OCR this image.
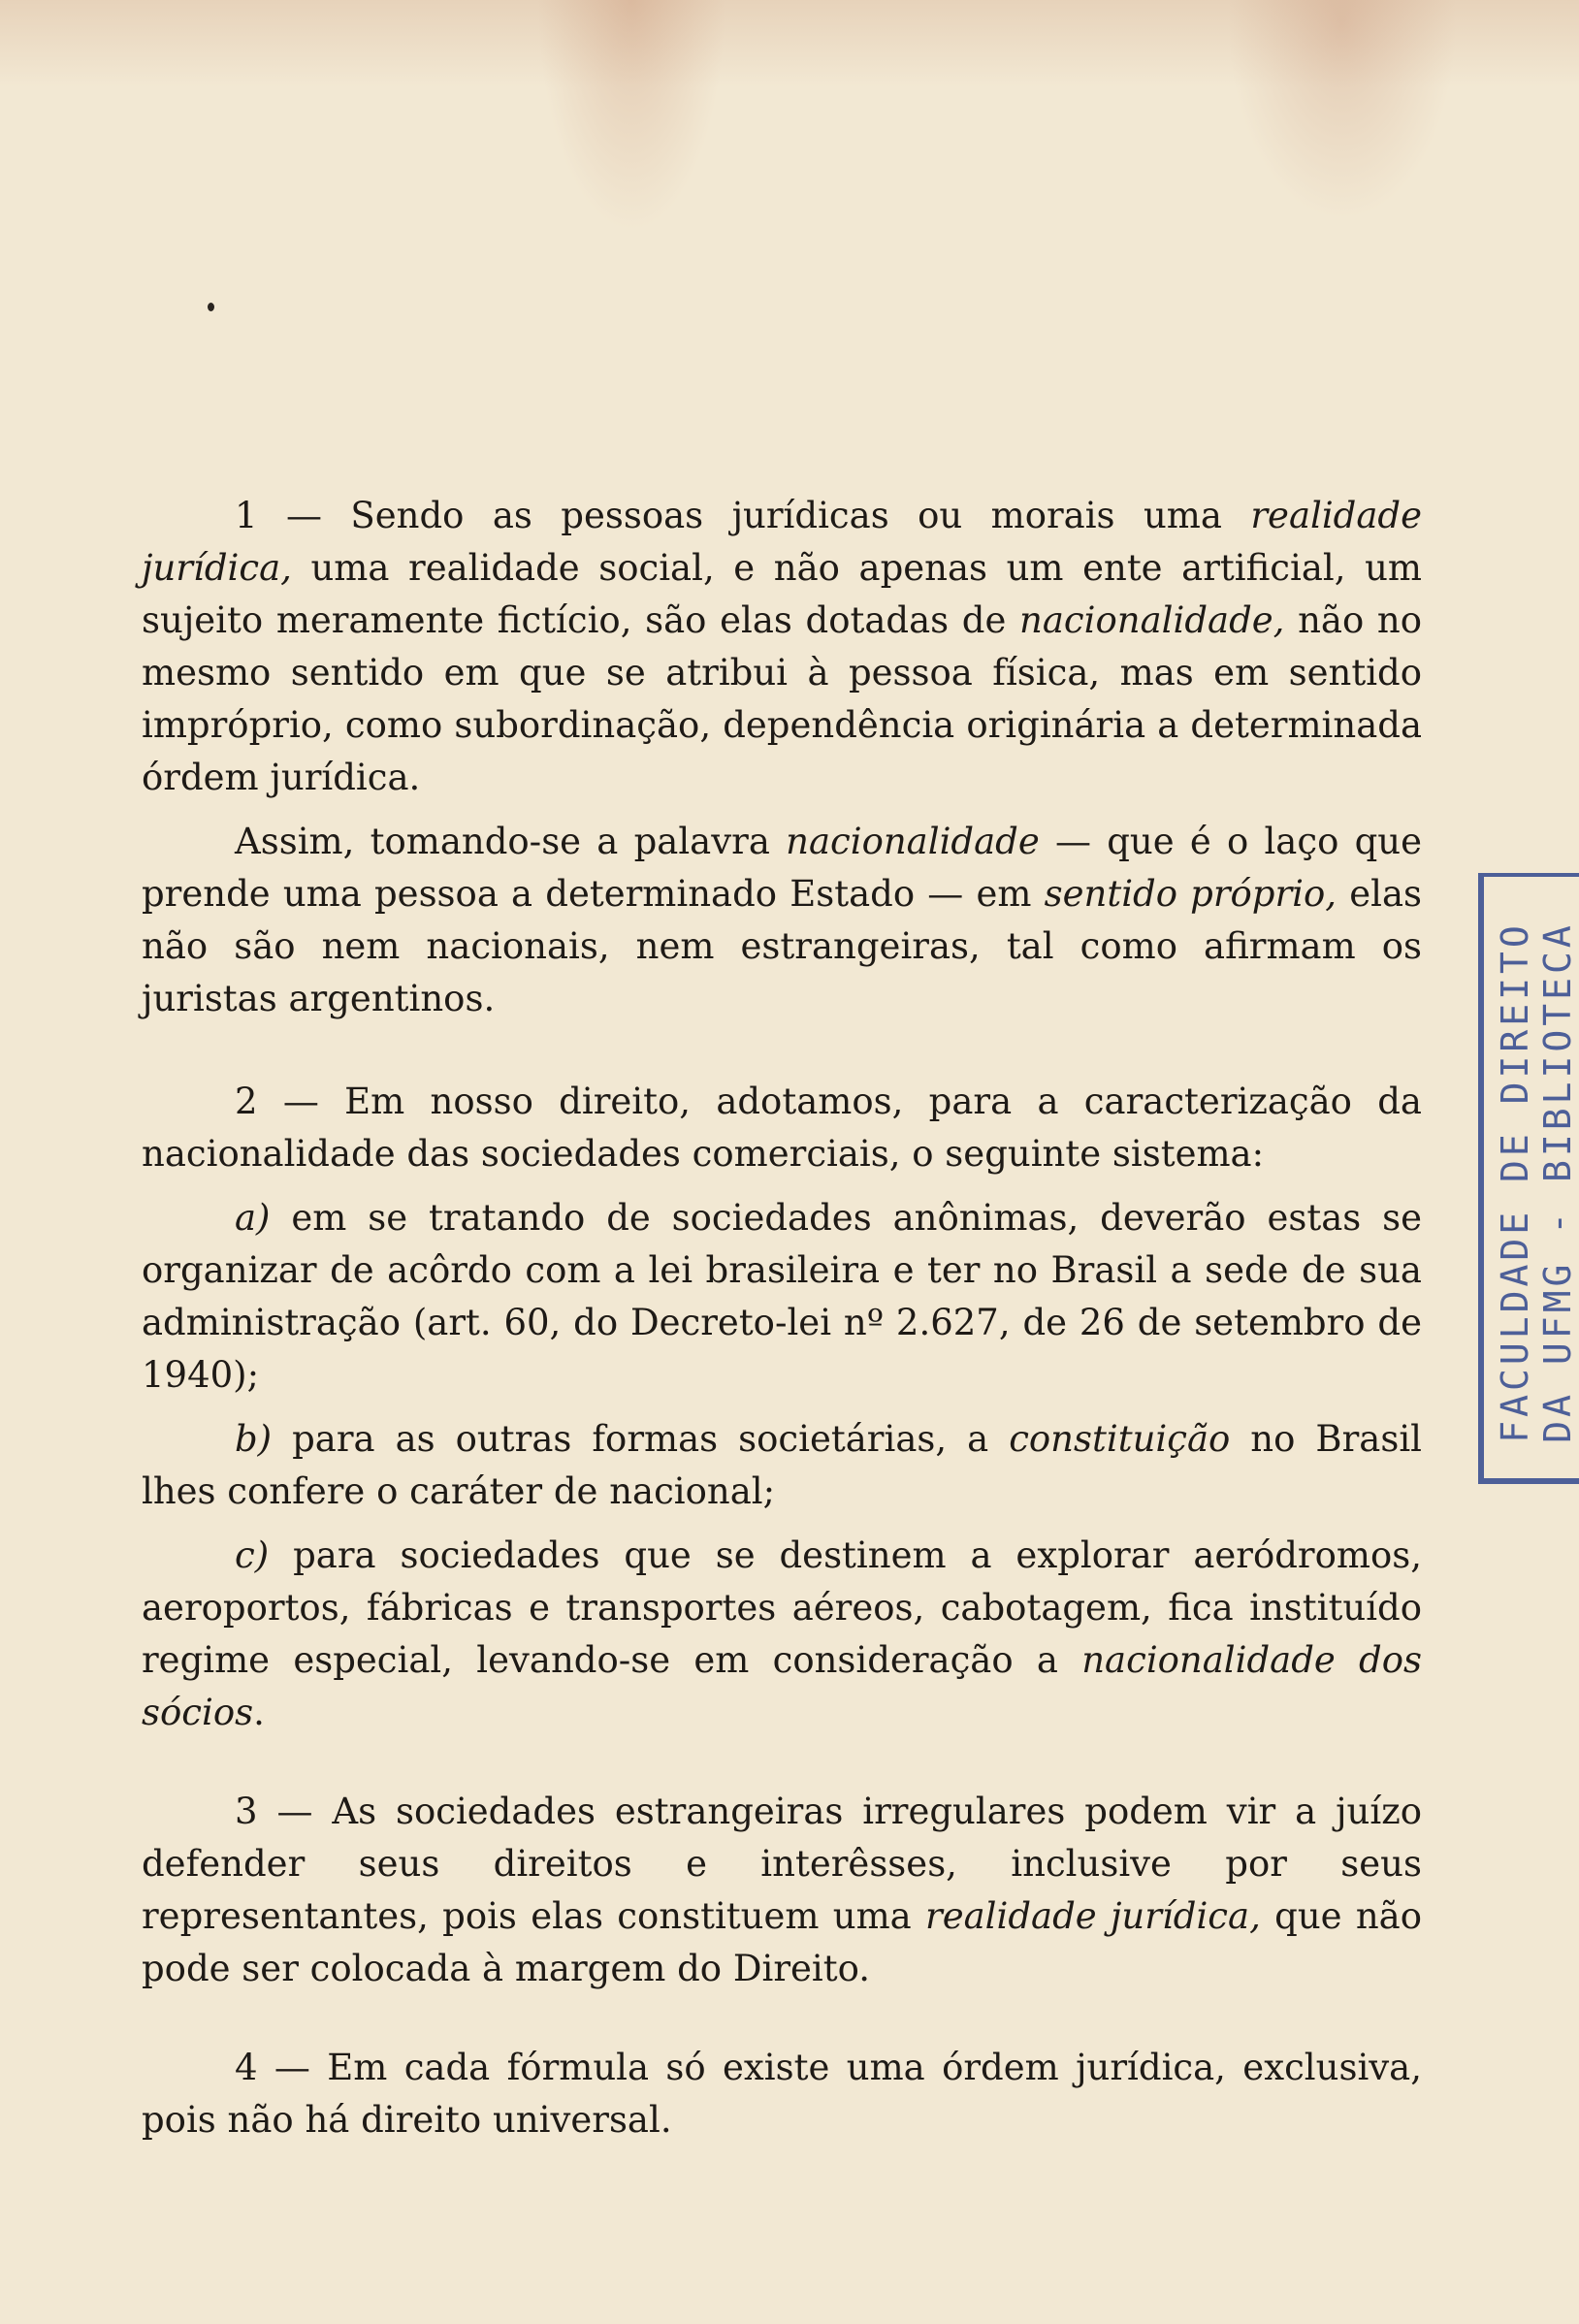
1 — Sendo as pessoas jurídicas ou morais uma realidade jurídica, uma realidade social, e não apenas um ente artificial, um sujeito meramente fictício, são elas dotadas de nacionalidade, não no mesmo sentido em que se atribui à pessoa física, mas em sentido impróprio, como subordinação, dependência originária a determinada órdem jurídica.

Assim, tomando-se a palavra nacionalidade — que é o laço que prende uma pessoa a determinado Estado — em sentido próprio, elas não são nem nacionais, nem estrangeiras, tal como afirmam os juristas argentinos.

2 — Em nosso direito, adotamos, para a caracterização da nacionalidade das sociedades comerciais, o seguinte sistema:

a) em se tratando de sociedades anônimas, deverão estas se organizar de acôrdo com a lei brasileira e ter no Brasil a sede de sua administração (art. 60, do Decreto-lei nº 2.627, de 26 de setembro de 1940);

b) para as outras formas societárias, a constituição no Brasil lhes confere o caráter de nacional;

c) para sociedades que se destinem a explorar aeródromos, aeroportos, fábricas e transportes aéreos, cabotagem, fica instituído regime especial, levando-se em consideração a nacionalidade dos sócios.

3 — As sociedades estrangeiras irregulares podem vir a juízo defender seus direitos e interêsses, inclusive por seus representantes, pois elas constituem uma realidade jurídica, que não pode ser colocada à margem do Direito.

4 — Em cada fórmula só existe uma órdem jurídica, exclusiva, pois não há direito universal.

FACULDADE DE DIREITO DA UFMG - BIBLIOTECA
